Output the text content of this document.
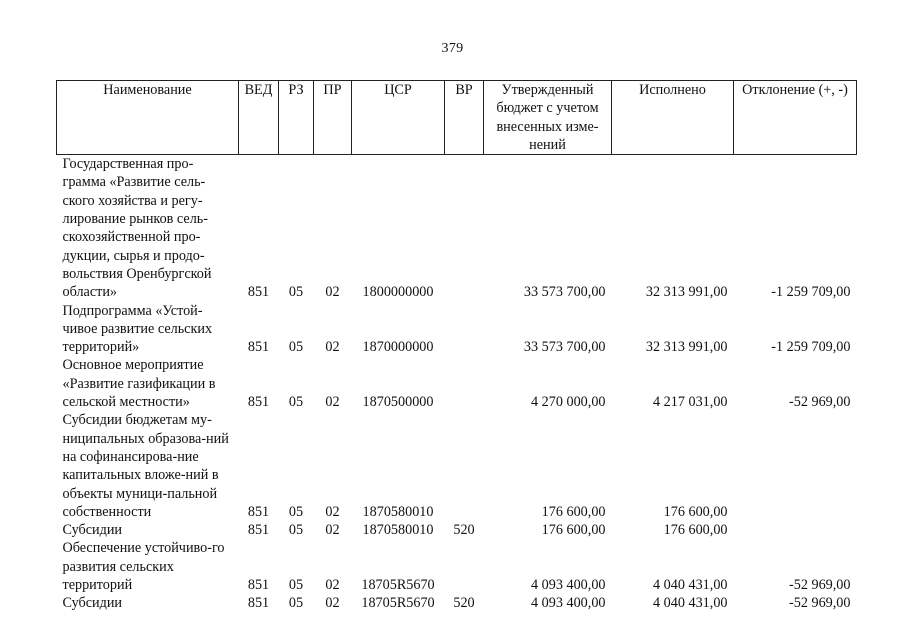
379
Наименование	ВЕД	РЗ	ПР	ЦСР	ВР	Утвержденный бюджет с учетом внесенных изме-нений	Исполнено	Отклонение (+, -)
Государственная про-грамма «Развитие сель-ского хозяйства и регу-лирование рынков сель-скохозяйственной про-дукции, сырья и продо-вольствия Оренбургской области»	851	05	02	1800000000		33 573 700,00	32 313 991,00	-1 259 709,00
Подпрограмма «Устой-чивое развитие сельских территорий»	851	05	02	1870000000		33 573 700,00	32 313 991,00	-1 259 709,00
Основное мероприятие «Развитие газификации в сельской местности»	851	05	02	1870500000		4 270 000,00	4 217 031,00	-52 969,00
Субсидии бюджетам му-ниципальных образова-ний на софинансирова-ние капитальных вложе-ний в объекты муници-пальной собственности	851	05	02	1870580010		176 600,00	176 600,00	
Субсидии	851	05	02	1870580010	520	176 600,00	176 600,00	
Обеспечение устойчиво-го развития сельских территорий	851	05	02	18705R5670		4 093 400,00	4 040 431,00	-52 969,00
Субсидии	851	05	02	18705R5670	520	4 093 400,00	4 040 431,00	-52 969,00
